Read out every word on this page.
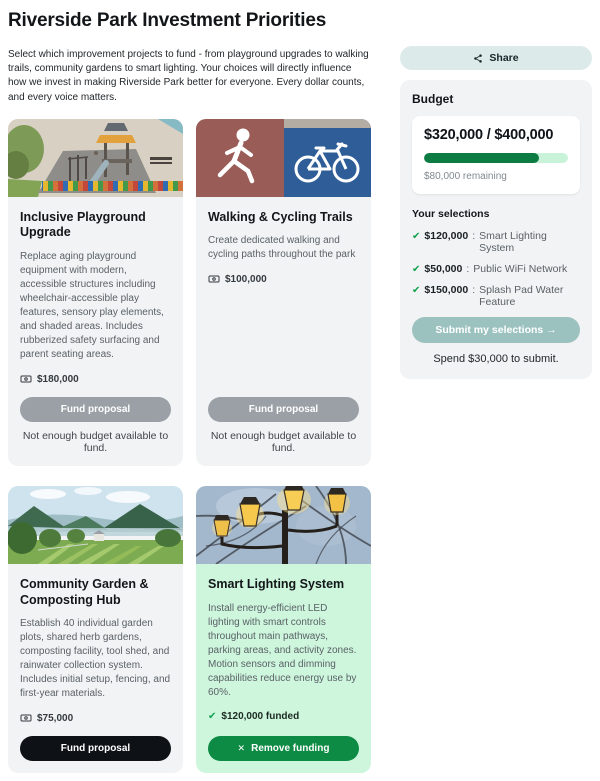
Riverside Park Investment Priorities

Select which improvement projects to fund - from playground upgrades to walking trails, community gardens to smart lighting. Your choices will directly influence how we invest in making Riverside Park better for everyone. Every dollar counts, and every voice matters.

Inclusive Playground Upgrade

Replace aging playground equipment with modern, accessible structures including wheelchair-accessible play features, sensory play elements, and shaded areas. Includes rubberized safety surfacing and parent seating areas.

$180,000
Fund proposal
Not enough budget available to fund.
Walking & Cycling Trails

Create dedicated walking and cycling paths throughout the park

$100,000
Fund proposal
Not enough budget available to fund.
Community Garden & Composting Hub

Establish 40 individual garden plots, shared herb gardens, composting facility, tool shed, and rainwater collection system. Includes initial setup, fencing, and first-year materials.

$75,000
Fund proposal
Smart Lighting System

Install energy-efficient LED lighting with smart controls throughout main pathways, parking areas, and activity zones. Motion sensors and dimming capabilities reduce energy use by 60%.

✔ $120,000 funded
✕ Remove funding
Share
Budget
$320,000 / $400,000
$80,000 remaining
Your selections
✔ $120,000 : Smart Lighting System
✔ $50,000 : Public WiFi Network
✔ $150,000 : Splash Pad Water Feature
Submit my selections →
Spend $30,000 to submit.
